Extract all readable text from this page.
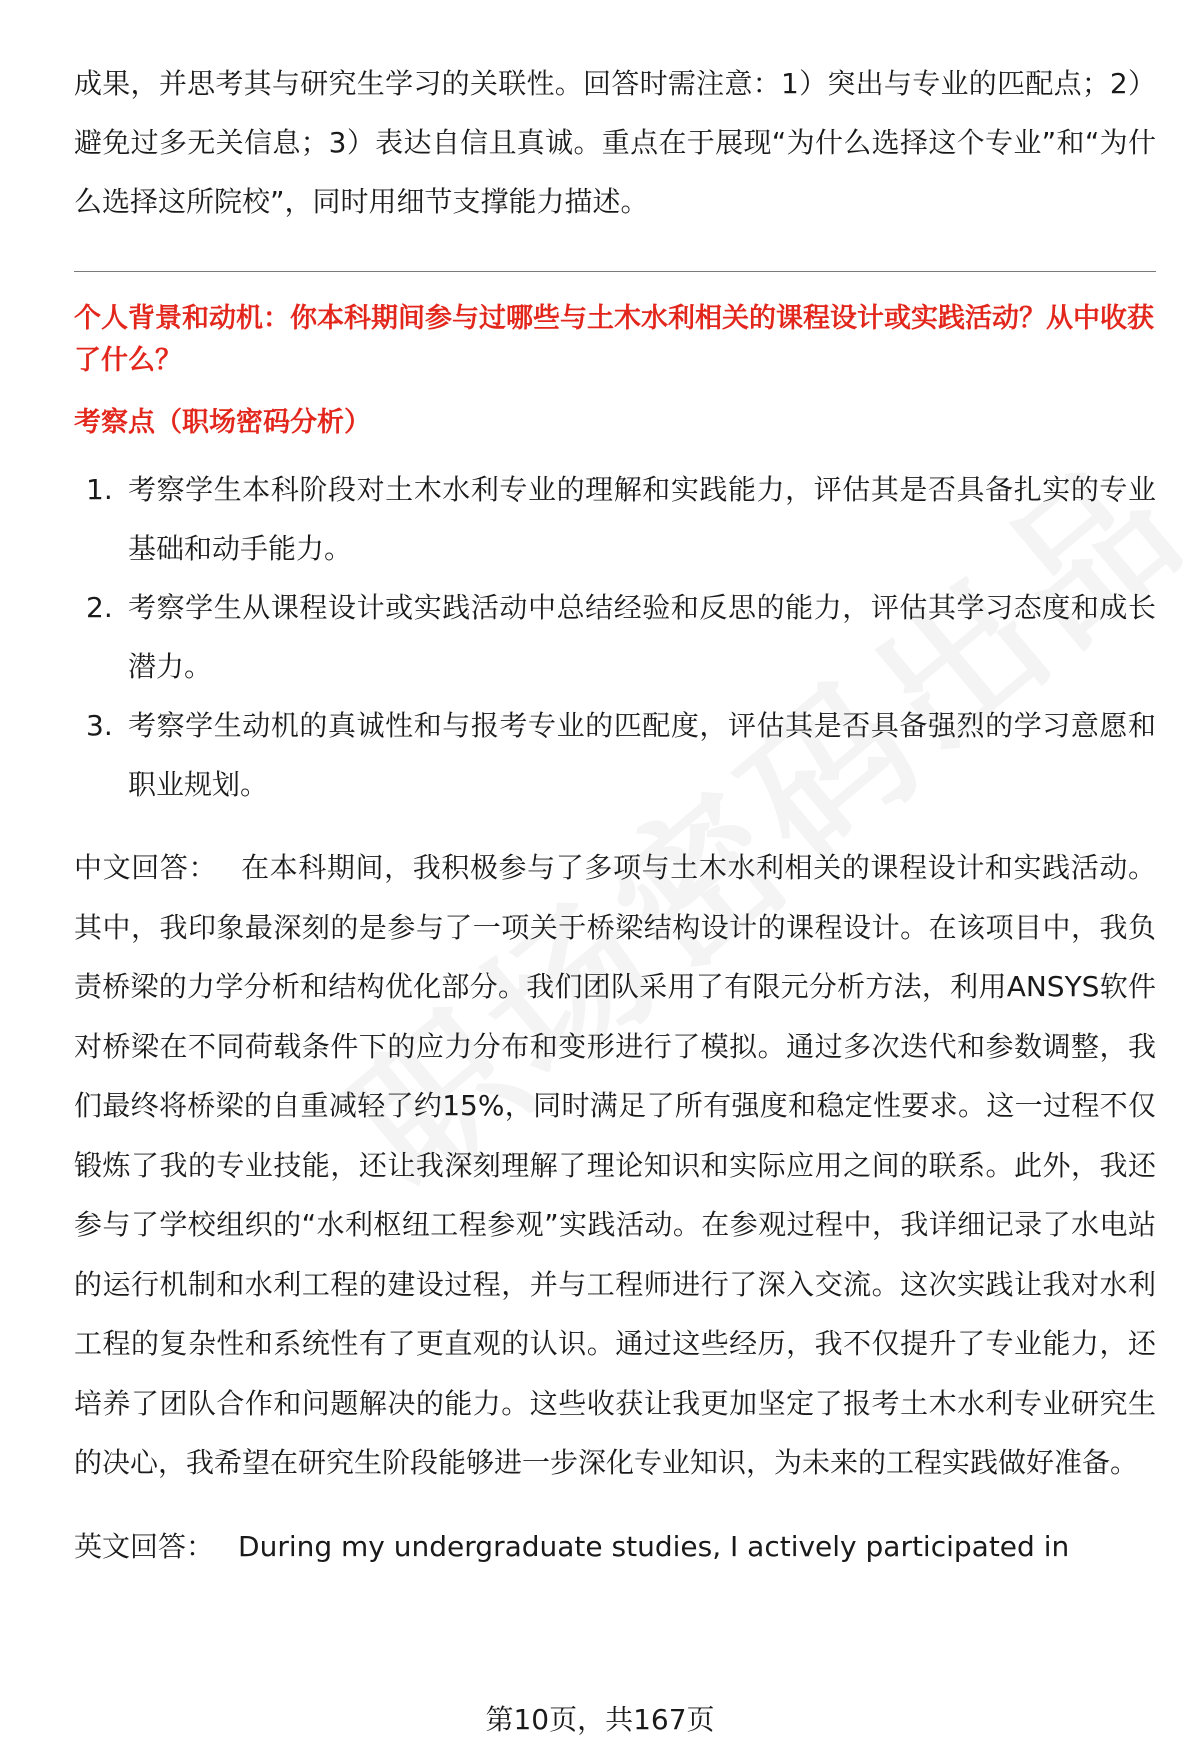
成果，并思考其与研究生学习的关联性。回答时需注意：1）突出与专业的匹配点；2）避免过多无关信息；3）表达自信且真诚。重点在于展现“为什么选择这个专业”和“为什么选择这所院校”，同时用细节支撑能力描述。

个人背景和动机：你本科期间参与过哪些与土木水利相关的课程设计或实践活动？从中收获了什么？

考察点（职场密码分析）

1. 考察学生本科阶段对土木水利专业的理解和实践能力，评估其是否具备扎实的专业基础和动手能力。
2. 考察学生从课程设计或实践活动中总结经验和反思的能力，评估其学习态度和成长潜力。
3. 考察学生动机的真诚性和与报考专业的匹配度，评估其是否具备强烈的学习意愿和职业规划。

中文回答： 在本科期间，我积极参与了多项与土木水利相关的课程设计和实践活动。其中，我印象最深刻的是参与了一项关于桥梁结构设计的课程设计。在该项目中，我负责桥梁的力学分析和结构优化部分。我们团队采用了有限元分析方法，利用ANSYS软件对桥梁在不同荷载条件下的应力分布和变形进行了模拟。通过多次迭代和参数调整，我们最终将桥梁的自重减轻了约15%，同时满足了所有强度和稳定性要求。这一过程不仅锻炼了我的专业技能，还让我深刻理解了理论知识和实际应用之间的联系。此外，我还参与了学校组织的“水利枢纽工程参观”实践活动。在参观过程中，我详细记录了水电站的运行机制和水利工程的建设过程，并与工程师进行了深入交流。这次实践让我对水利工程的复杂性和系统性有了更直观的认识。通过这些经历，我不仅提升了专业能力，还培养了团队合作和问题解决的能力。这些收获让我更加坚定了报考土木水利专业研究生的决心，我希望在研究生阶段能够进一步深化专业知识，为未来的工程实践做好准备。

英文回答： During my undergraduate studies, I actively participated in

第10页，共167页
